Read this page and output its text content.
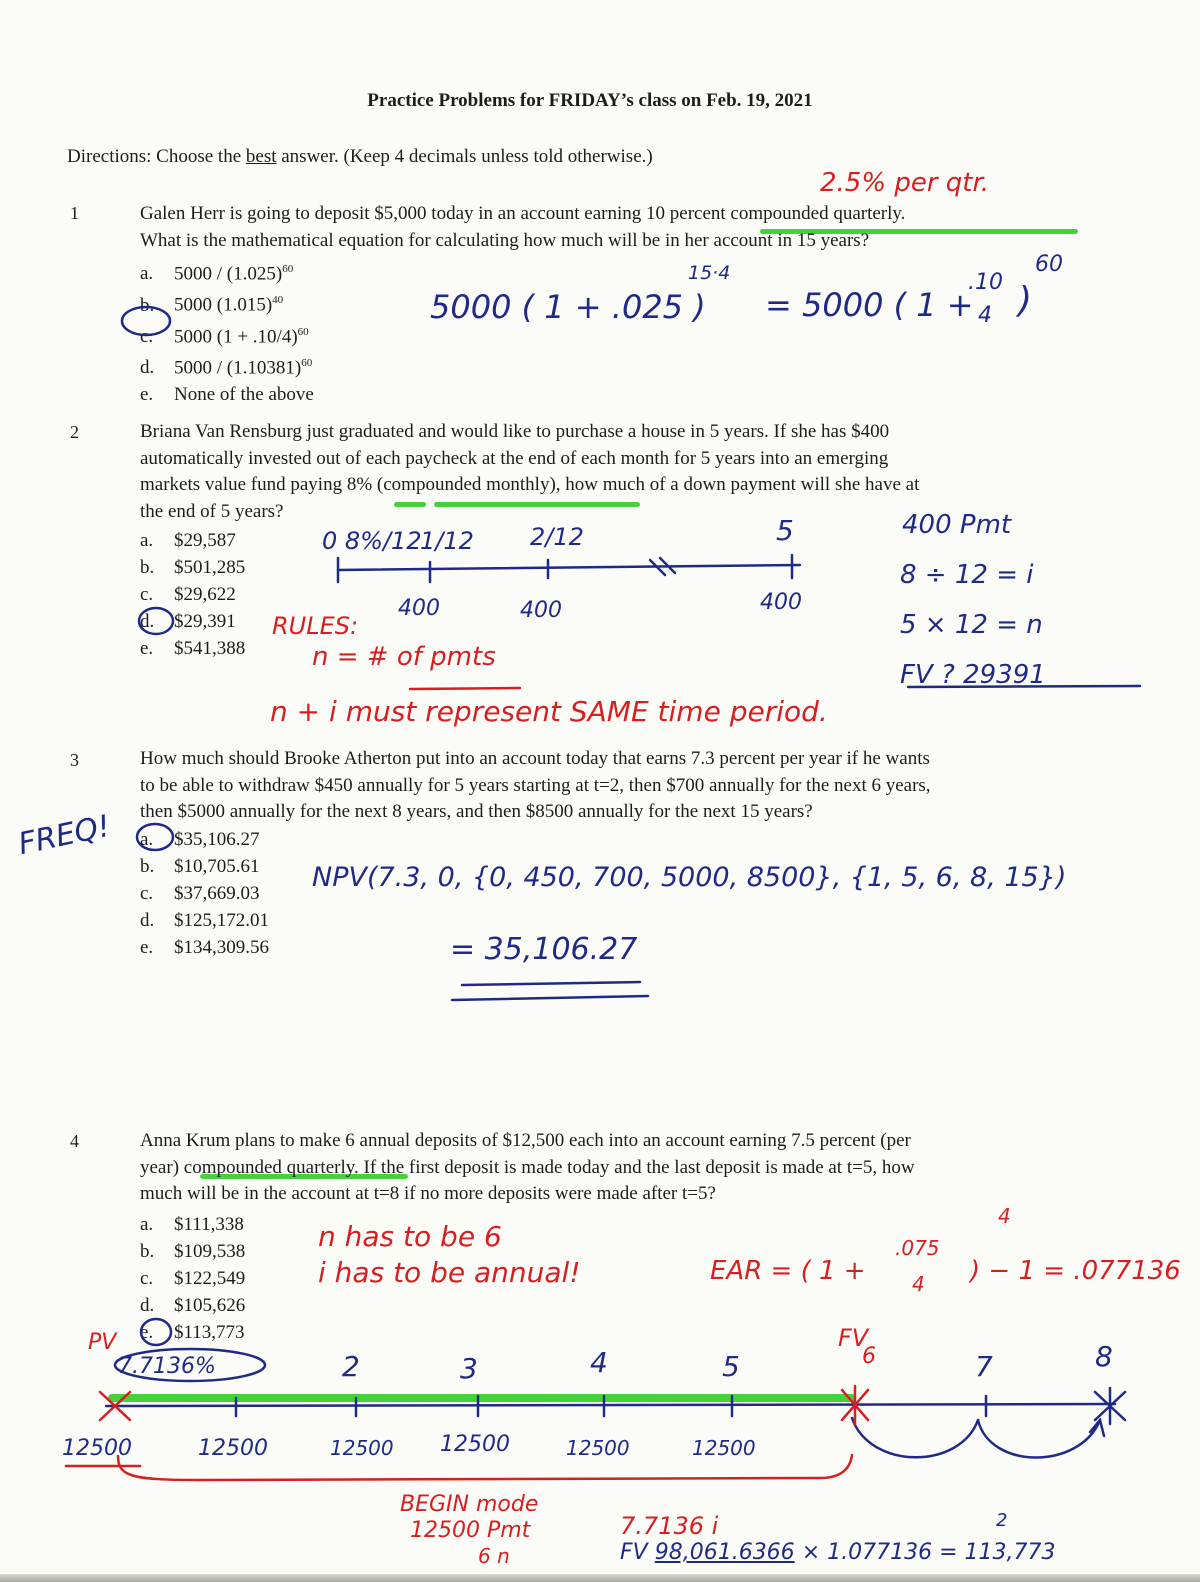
Practice Problems for FRIDAY’s class on Feb. 19, 2021
Directions: Choose the best answer. (Keep 4 decimals unless told otherwise.)
1	Galen Herr is going to deposit $5,000 today in an account earning 10 percent compounded quarterly.
What is the mathematical equation for calculating how much will be in her account in 15 years?
a. $5000 / (1.025)^{60}$
b. 5000 $(1.015)^{40}$
c. 5000 $(1 + .10/4)^{60}$
d. $5000 / (1.10381)^{60}$
e. None of the above
2.5% per qtr.
15·4
5000 ( 1 + .025 ) = 5000 ( 1 +
.10
4 )
60
2	Briana Van Rensburg just graduated and would like to purchase a house in 5 years. If she has $400
automatically invested out of each paycheck at the end of each month for 5 years into an emerging
markets value fund paying 8% (compounded monthly), how much of a down payment will she have at
the end of 5 years?
a. $29,587
b. $501,285
c. $29,622
d. $29,391
e. $541,388
0 8%/12
1/12 2/12	5
400	400	400
400 Pmt
8 ÷ 12 = i
5 × 12 = n
FV ? 29391
RULES:
n = # of pmts
n + i must represent SAME time period.
3	How much should Brooke Atherton put into an account today that earns 7.3 percent per year if he wants
to be able to withdraw $450 annually for 5 years starting at t=2, then $700 annually for the next 6 years,
then $5000 annually for the next 8 years, and then $8500 annually for the next 15 years?
a. $35,106.27
b. $10,705.61
c. $37,669.03
d. $125,172.01
e. $134,309.56
FREQ!
NPV(7.3, 0, {0, 450, 700, 5000, 8500}, {1, 5, 6, 8, 15})
= 35,106.27
4	Anna Krum plans to make 6 annual deposits of $12,500 each into an account earning 7.5 percent (per
year) compounded quarterly. If the first deposit is made today and the last deposit is made at t=5, how
much will be in the account at t=8 if no more deposits were made after t=5?
a. $111,338
b. $109,538
c. $122,549
d. $105,626
e. $113,773
n has to be 6
i has to be annual!	EAR = ( 1 +
.075
4
4
) − 1 = .077136
PV
7.7136%
FV
2	3	4	5	6	7	8
12500	12500	12500 12500	12500	12500
BEGIN mode
12500 Pmt
6 n
7.7136 i	2
FV 98,061.6366 × 1.077136 = 113,773
